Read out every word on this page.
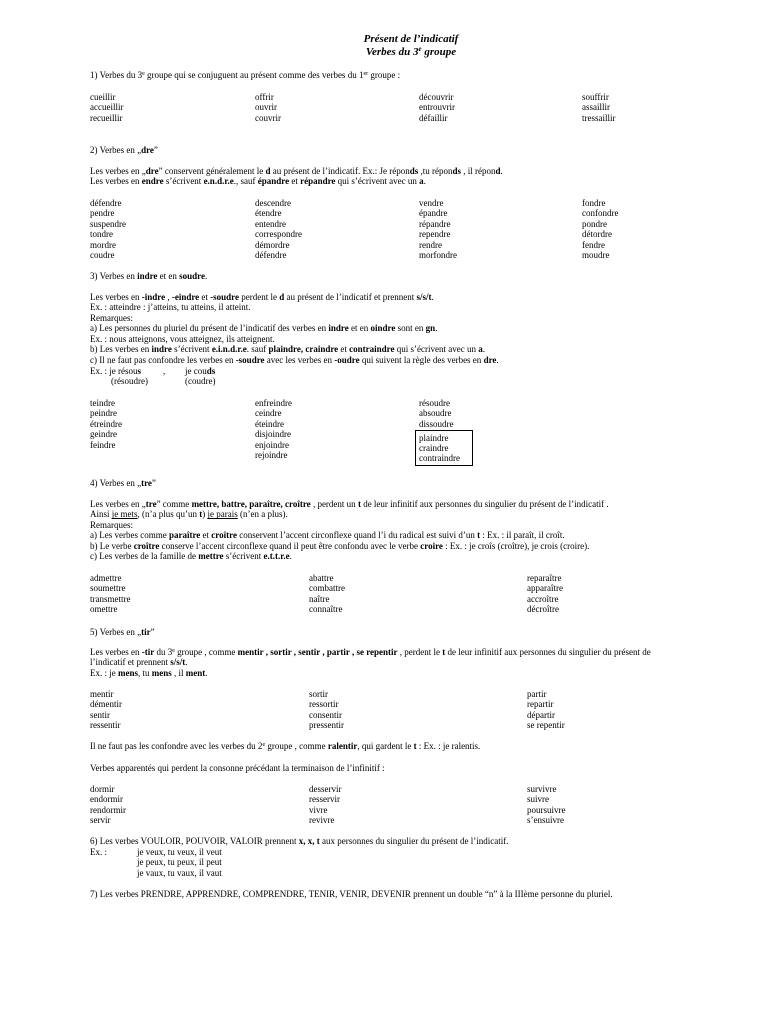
Présent de l’indicatif
Verbes du 3e groupe
1) Verbes du 3e groupe qui se conjuguent au présent comme des verbes du 1er groupe :
cueillir
accueillir
recueillir
offrir
ouvrir
couvrir
découvrir
entrouvrir
défaillir
souffrir
assaillir
tressaillir
2) Verbes en „dre”
Les verbes en „dre” conservent généralement le d au présent de l’indicatif. Ex.: Je réponds ,tu réponds , il répond.
Les verbes en endre s’écrivent e.n.d.r.e., sauf épandre et répandre qui s’écrivent avec un a.
défendre
pendre
suspendre
tondre
mordre
coudre
descendre
étendre
entendre
correspondre
démordre
défendre
vendre
épandre
répandre
rependre
rendre
morfondre
fondre
confondre
pondre
détordre
fendre
moudre
3) Verbes en indre et en soudre.
Les verbes en -indre , -eindre et -soudre perdent le d au présent de l’indicatif et prennent s/s/t.
Ex. : atteindre : j’atteins, tu atteins, il atteint.
Remarques:
a) Les personnes du pluriel du présent de l’indicatif des verbes en indre et en oindre sont en gn.
Ex. : nous atteignons, vous atteignez, ils atteignent.
b) Les verbes en indre s’écrivent e.i.n.d.r.e. sauf plaindre, craindre et contraindre qui s’écrivent avec un a.
c) Il ne faut pas confondre les verbes en -soudre avec les verbes en -oudre qui suivent la règle des verbes en dre.
Ex. : je résous , je couds
(résoudre)	(coudre)
teindre
peindre
étreindre
geindre
feindre
enfreindre
ceindre
éteindre
disjoindre
enjoindre
rejoindre
résoudre
absoudre
dissoudre
plaindre
craindre
contraindre
4) Verbes en „tre”
Les verbes en „tre” comme mettre, battre, paraître, croître , perdent un t de leur infinitif aux personnes du singulier du présent de l’indicatif .
Ainsi je mets, (n’a plus qu’un t) je parais (n’en a plus).
Remarques:
a) Les verbes comme paraître et croître conservent l’accent circonflexe quand l’i du radical est suivi d’un t : Ex. : il paraît, il croît.
b) Le verbe croître conserve l’accent circonflexe quand il peut être confondu avec le verbe croire : Ex. : je croîs (croître), je crois (croire).
c) Les verbes de la famille de mettre s’écrivent e.t.t.r.e.
admettre
soumettre
transmettre
omettre
abattre
combattre
naître
connaître
reparaître
apparaître
accroître
décroître
5) Verbes en „tir”
Les verbes en -tir du 3e groupe , comme mentir , sortir , sentir , partir , se repentir , perdent le t de leur infinitif aux personnes du singulier du présent de
l’indicatif et prennent s/s/t.
Ex. : je mens, tu mens , il ment.
mentir
démentir
sentir
ressentir
sortir
ressortir
consentir
pressentir
partir
repartir
départir
se repentir
Il ne faut pas les confondre avec les verbes du 2e groupe , comme ralentir, qui gardent le t : Ex. : je ralentis.
Verbes apparentés qui perdent la consonne précédant la terminaison de l’infinitif :
dormir
endormir
rendormir
servir
desservir
resservir
vivre
revivre
survivre
suivre
poursuivre
s’ensuivre
6) Les verbes VOULOIR, POUVOIR, VALOIR prennent x, x, t aux personnes du singulier du présent de l’indicatif.
Ex. :	je veux, tu veux, il veut
je peux, tu peux, il peut
je vaux, tu vaux, il vaut
7) Les verbes PRENDRE, APPRENDRE, COMPRENDRE, TENIR, VENIR, DEVENIR prennent un double “n” à la IIIème personne du pluriel.
